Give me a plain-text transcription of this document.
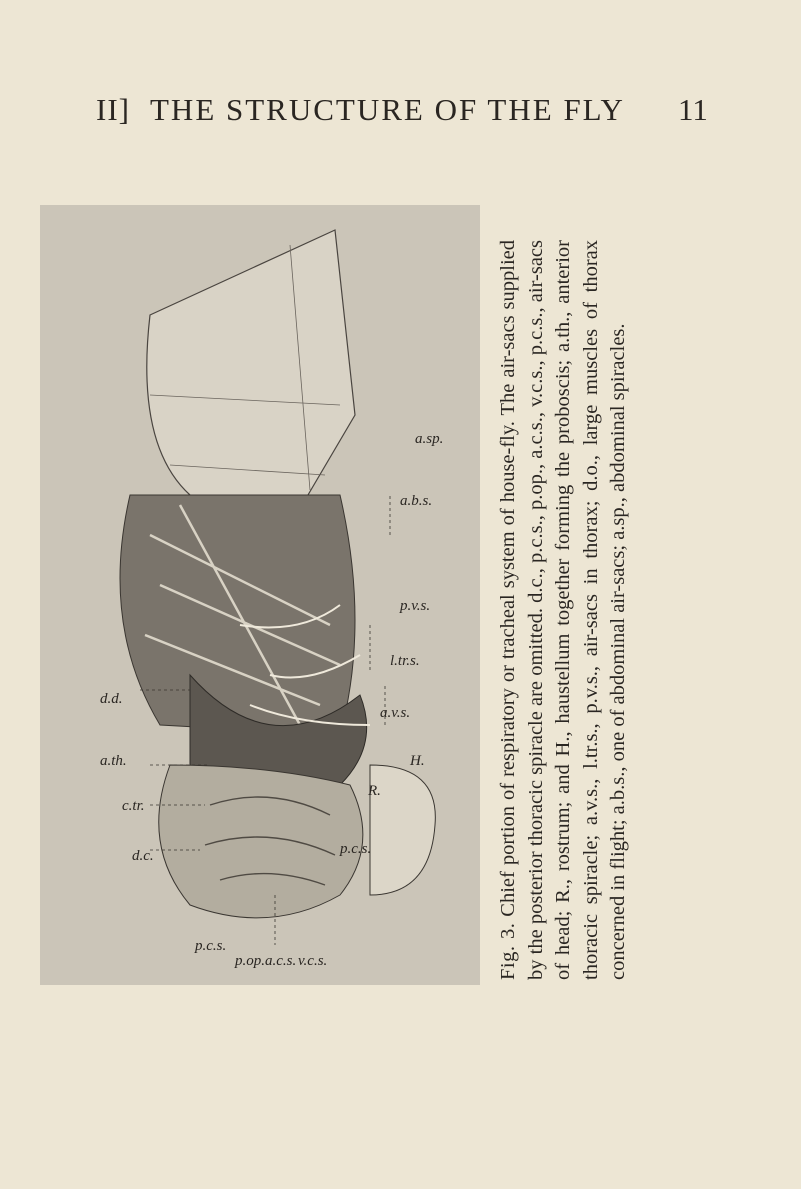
II] THE STRUCTURE OF THE FLY 11
d.d.
a.th.
c.tr.
d.c.
p.c.s.
p.op. a.c.s. v.c.s.
p.c.s.
R.
H.
a.v.s.
l.tr.s.
p.v.s.
a.b.s.
a.sp.

Fig. 3. Chief portion of respiratory or tracheal system of house-fly. The air-sacs supplied by the posterior thoracic spiracle are omitted. d.c., p.c.s., p.op., a.c.s., v.c.s., p.c.s., air-sacs of head; R., rostrum; and H., haustellum together forming the proboscis; a.th., anterior thoracic spiracle; a.v.s., l.tr.s., p.v.s., air-sacs in thorax; d.o., large muscles of thorax concerned in flight; a.b.s., one of abdominal air-sacs; a.sp., abdominal spiracles.
